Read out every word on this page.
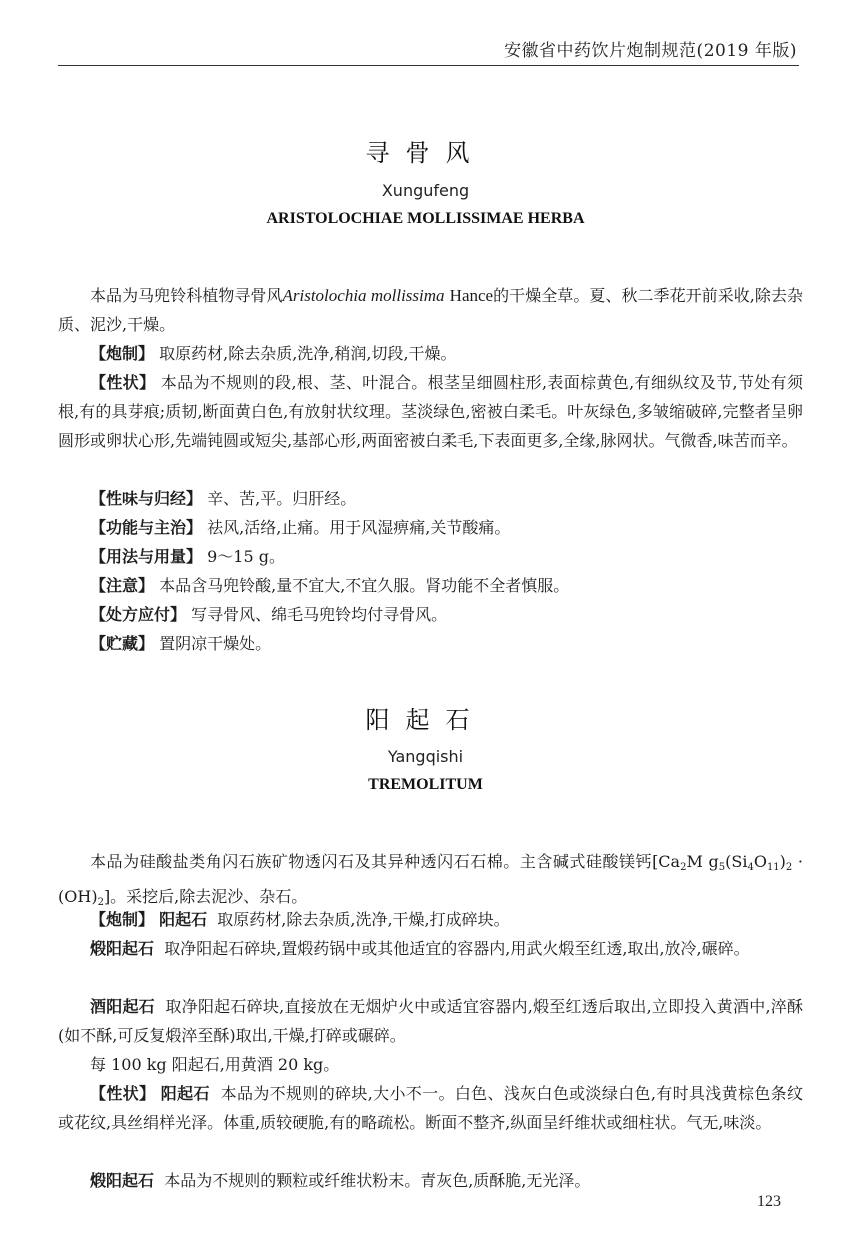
安徽省中药饮片炮制规范(2019 年版)
寻骨风
Xungufeng
ARISTOLOCHIAE MOLLISSIMAE HERBA
本品为马兜铃科植物寻骨风Aristolochia mollissima Hance的干燥全草。夏、秋二季花开前采收,除去杂质、泥沙,干燥。
【炮制】 取原药材,除去杂质,洗净,稍润,切段,干燥。
【性状】 本品为不规则的段,根、茎、叶混合。根茎呈细圆柱形,表面棕黄色,有细纵纹及节,节处有须根,有的具芽痕;质韧,断面黄白色,有放射状纹理。茎淡绿色,密被白柔毛。叶灰绿色,多皱缩破碎,完整者呈卵圆形或卵状心形,先端钝圆或短尖,基部心形,两面密被白柔毛,下表面更多,全缘,脉网状。气微香,味苦而辛。
【性味与归经】 辛、苦,平。归肝经。
【功能与主治】 祛风,活络,止痛。用于风湿痹痛,关节酸痛。
【用法与用量】 9～15 g。
【注意】 本品含马兜铃酸,量不宜大,不宜久服。肾功能不全者慎服。
【处方应付】 写寻骨风、绵毛马兜铃均付寻骨风。
【贮藏】 置阴凉干燥处。
阳起石
Yangqishi
TREMOLITUM
本品为硅酸盐类角闪石族矿物透闪石及其异种透闪石石棉。主含碱式硅酸镁钙[$Ca_2M$ $g_5(Si_4O_{11})_2 \cdot (OH)_2$]。采挖后,除去泥沙、杂石。
【炮制】 阳起石 取原药材,除去杂质,洗净,干燥,打成碎块。
煅阳起石 取净阳起石碎块,置煅药锅中或其他适宜的容器内,用武火煅至红透,取出,放冷,碾碎。
酒阳起石 取净阳起石碎块,直接放在无烟炉火中或适宜容器内,煅至红透后取出,立即投入黄酒中,淬酥(如不酥,可反复煅淬至酥)取出,干燥,打碎或碾碎。
每 100 kg 阳起石,用黄酒 20 kg。
【性状】 阳起石 本品为不规则的碎块,大小不一。白色、浅灰白色或淡绿白色,有时具浅黄棕色条纹或花纹,具丝绢样光泽。体重,质较硬脆,有的略疏松。断面不整齐,纵面呈纤维状或细柱状。气无,味淡。
煅阳起石 本品为不规则的颗粒或纤维状粉末。青灰色,质酥脆,无光泽。
123
